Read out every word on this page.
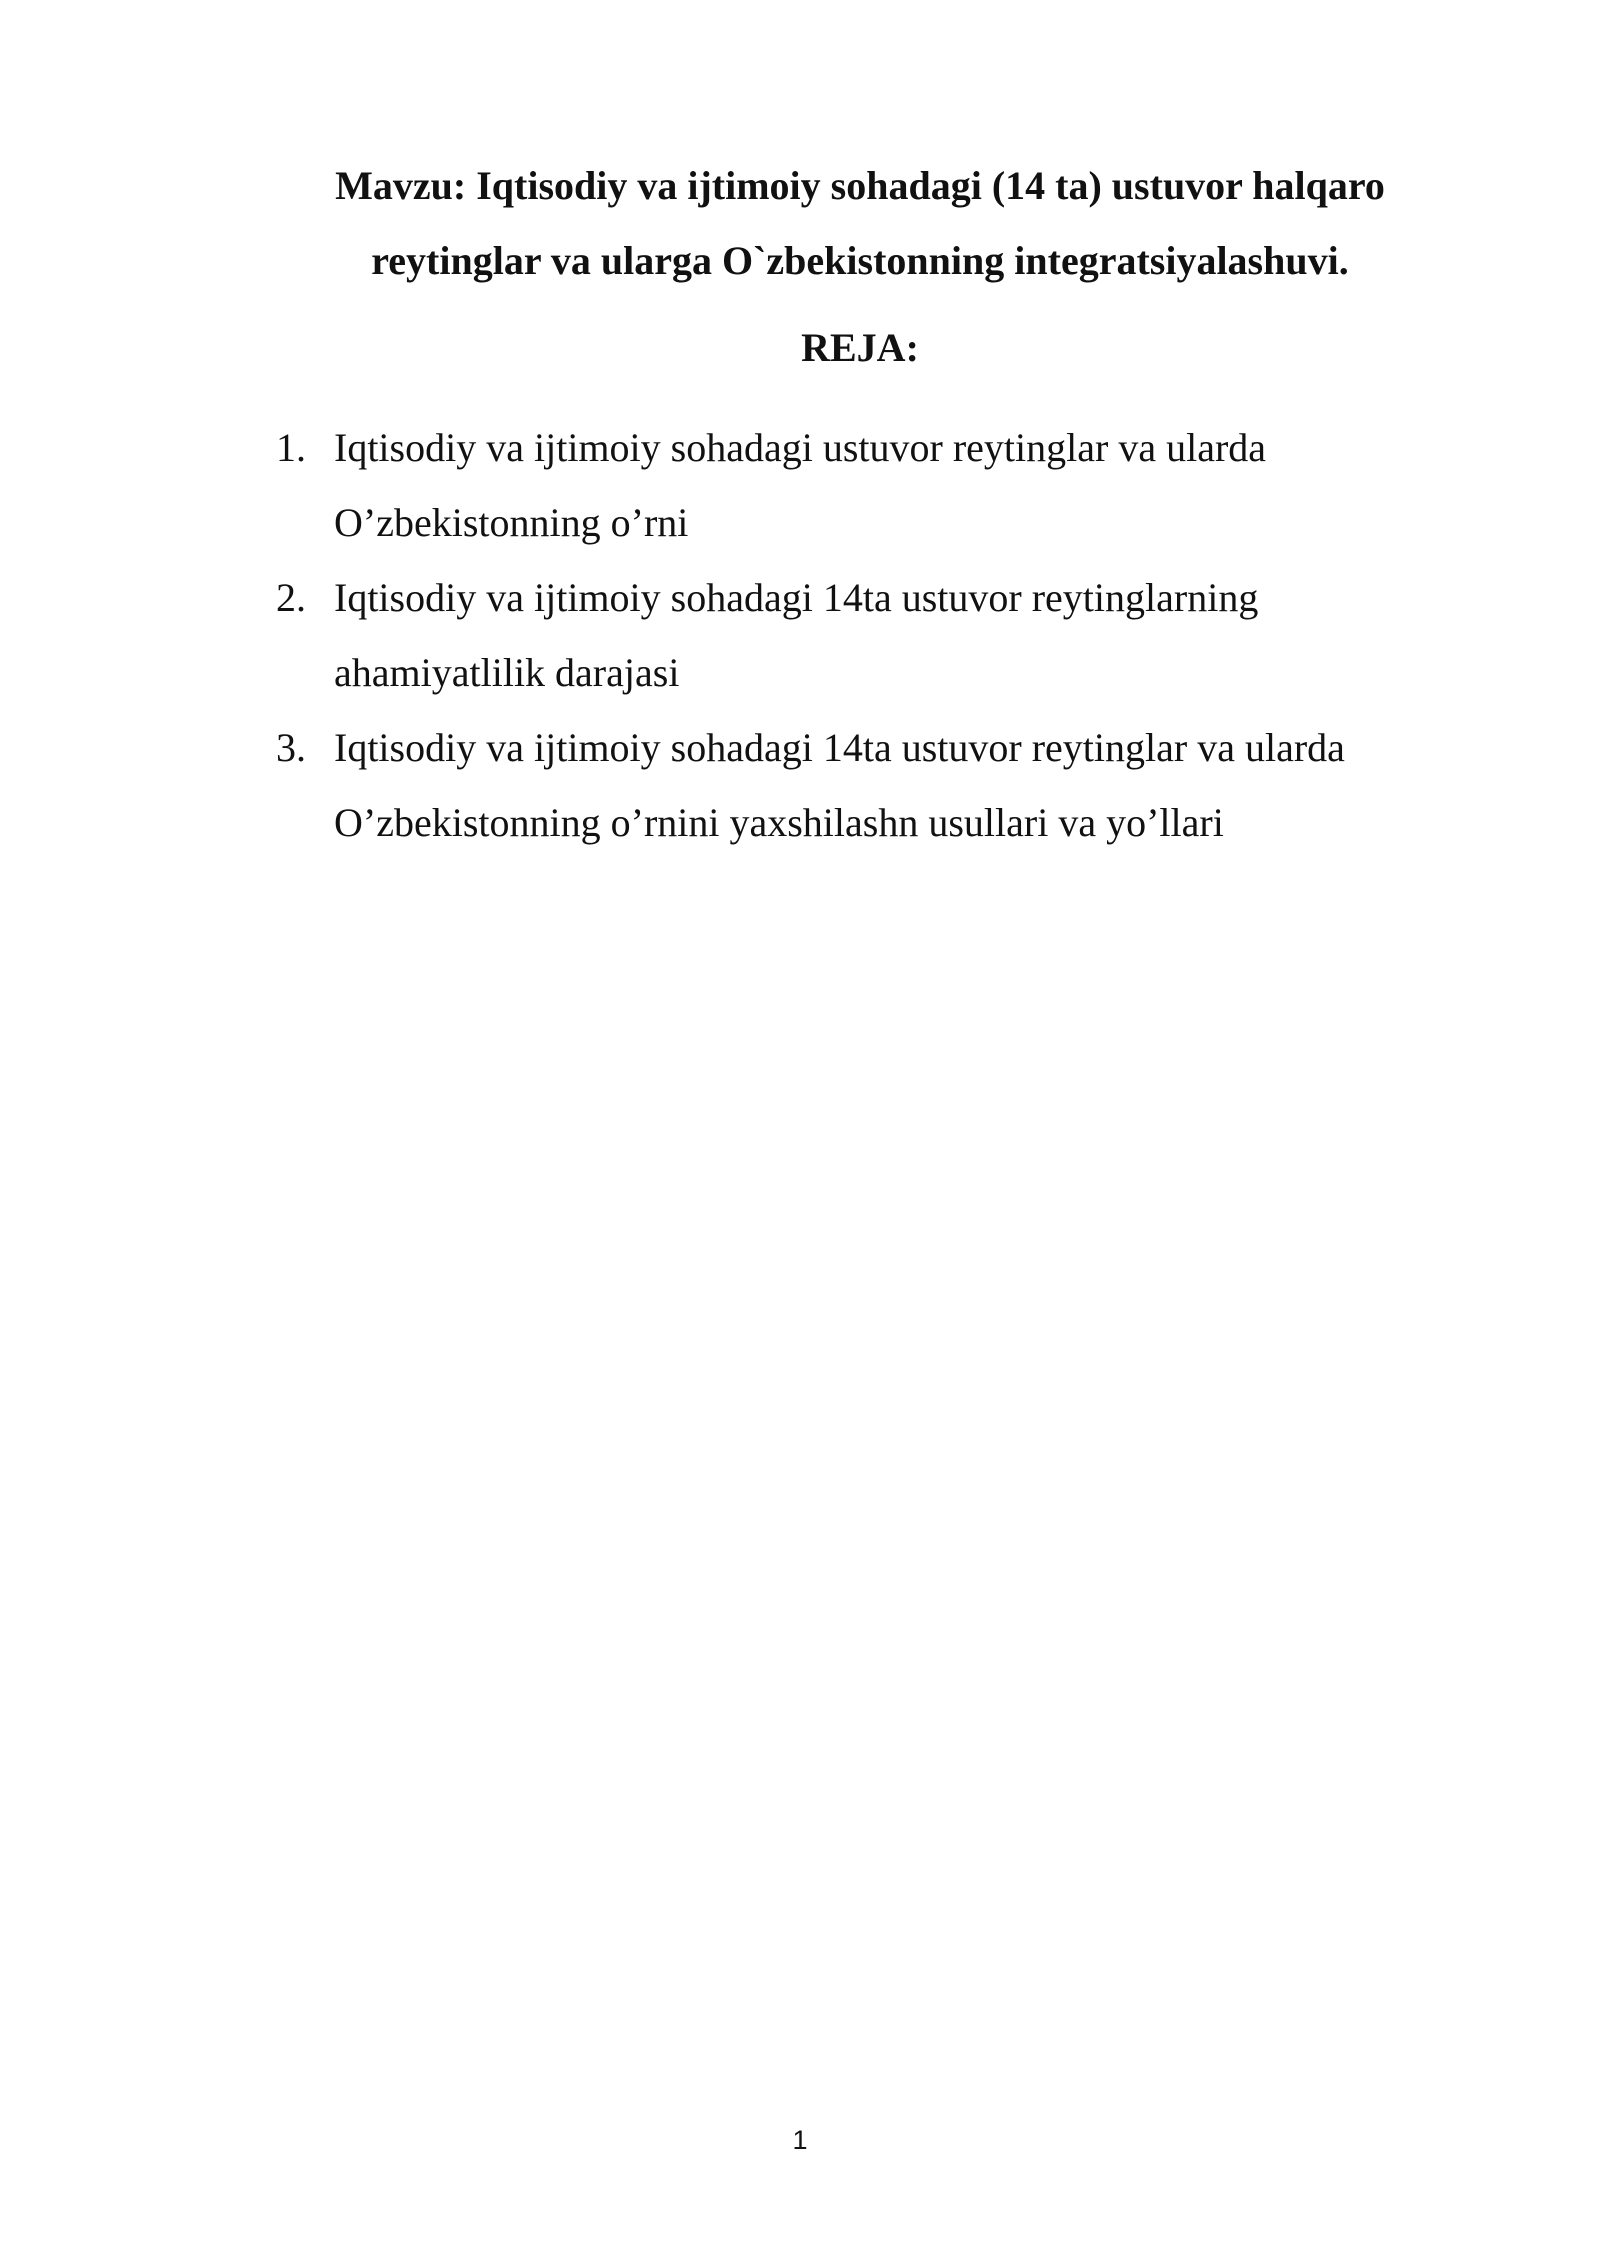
Mavzu: Iqtisodiy va ijtimoiy sohadagi (14 ta) ustuvor halqaro
reytinglar va ularga O`zbekistonning integratsiyalashuvi.
REJA:
1. Iqtisodiy va ijtimoiy sohadagi ustuvor reytinglar va ularda
O’zbekistonning o’rni
2. Iqtisodiy va ijtimoiy sohadagi 14ta ustuvor reytinglarning
ahamiyatlilik darajasi
3. Iqtisodiy va ijtimoiy sohadagi 14ta ustuvor reytinglar va ularda
O’zbekistonning o’rnini yaxshilashn usullari va yo’llari
1
